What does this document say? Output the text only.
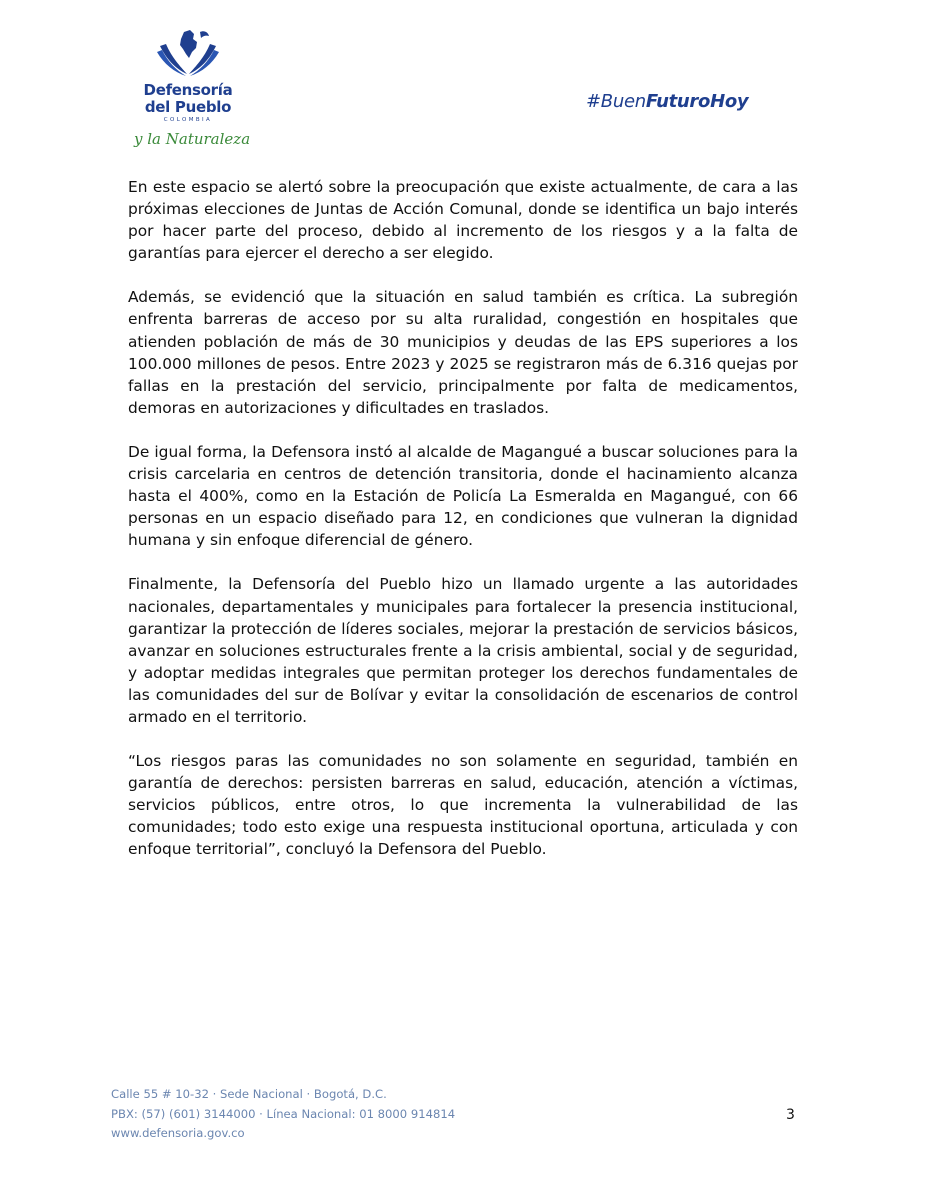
Defensoría
del Pueblo
COLOMBIA
y la Naturaleza
#BuenFuturoHoy

En este espacio se alertó sobre la preocupación que existe actualmente, de cara a las próximas elecciones de Juntas de Acción Comunal, donde se identifica un bajo interés por hacer parte del proceso, debido al incremento de los riesgos y a la falta de garantías para ejercer el derecho a ser elegido.

Además, se evidenció que la situación en salud también es crítica. La subregión enfrenta barreras de acceso por su alta ruralidad, congestión en hospitales que atienden población de más de 30 municipios y deudas de las EPS superiores a los 100.000 millones de pesos. Entre 2023 y 2025 se registraron más de 6.316 quejas por fallas en la prestación del servicio, principalmente por falta de medicamentos, demoras en autorizaciones y dificultades en traslados.

De igual forma, la Defensora instó al alcalde de Magangué a buscar soluciones para la crisis carcelaria en centros de detención transitoria, donde el hacinamiento alcanza hasta el 400%, como en la Estación de Policía La Esmeralda en Magangué, con 66 personas en un espacio diseñado para 12, en condiciones que vulneran la dignidad humana y sin enfoque diferencial de género.

Finalmente, la Defensoría del Pueblo hizo un llamado urgente a las autoridades nacionales, departamentales y municipales para fortalecer la presencia institucional, garantizar la protección de líderes sociales, mejorar la prestación de servicios básicos, avanzar en soluciones estructurales frente a la crisis ambiental, social y de seguridad, y adoptar medidas integrales que permitan proteger los derechos fundamentales de las comunidades del sur de Bolívar y evitar la consolidación de escenarios de control armado en el territorio.

“Los riesgos paras las comunidades no son solamente en seguridad, también en garantía de derechos: persisten barreras en salud, educación, atención a víctimas, servicios públicos, entre otros, lo que incrementa la vulnerabilidad de las comunidades; todo esto exige una respuesta institucional oportuna, articulada y con enfoque territorial”, concluyó la Defensora del Pueblo.

Calle 55 # 10-32 · Sede Nacional · Bogotá, D.C.
PBX: (57) (601) 3144000 · Línea Nacional: 01 8000 914814
www.defensoria.gov.co
3
